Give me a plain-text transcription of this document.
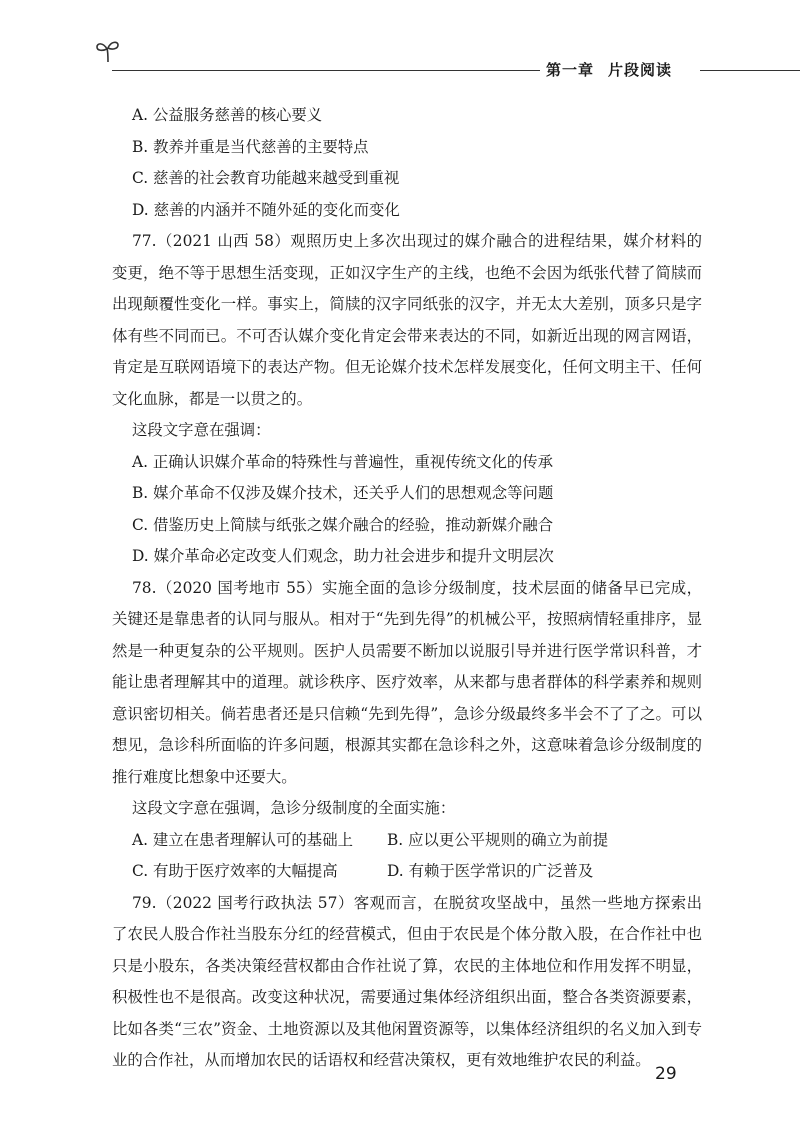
第一章 片段阅读
A. 公益服务慈善的核心要义
B. 教养并重是当代慈善的主要特点
C. 慈善的社会教育功能越来越受到重视
D. 慈善的内涵并不随外延的变化而变化

77.（2021 山西 58）观照历史上多次出现过的媒介融合的进程结果，媒介材料的变更，绝不等于思想生活变现，正如汉字生产的主线，也绝不会因为纸张代替了简牍而出现颠覆性变化一样。事实上，简牍的汉字同纸张的汉字，并无太大差别，顶多只是字体有些不同而已。不可否认媒介变化肯定会带来表达的不同，如新近出现的网言网语，肯定是互联网语境下的表达产物。但无论媒介技术怎样发展变化，任何文明主干、任何文化血脉，都是一以贯之的。

这段文字意在强调：
A. 正确认识媒介革命的特殊性与普遍性，重视传统文化的传承
B. 媒介革命不仅涉及媒介技术，还关乎人们的思想观念等问题
C. 借鉴历史上简牍与纸张之媒介融合的经验，推动新媒介融合
D. 媒介革命必定改变人们观念，助力社会进步和提升文明层次

78.（2020 国考地市 55）实施全面的急诊分级制度，技术层面的储备早已完成，关键还是靠患者的认同与服从。相对于“先到先得”的机械公平，按照病情轻重排序，显然是一种更复杂的公平规则。医护人员需要不断加以说服引导并进行医学常识科普，才能让患者理解其中的道理。就诊秩序、医疗效率，从来都与患者群体的科学素养和规则意识密切相关。倘若患者还是只信赖“先到先得”，急诊分级最终多半会不了了之。可以想见，急诊科所面临的许多问题，根源其实都在急诊科之外，这意味着急诊分级制度的推行难度比想象中还要大。

这段文字意在强调，急诊分级制度的全面实施：
A. 建立在患者理解认可的基础上	B. 应以更公平规则的确立为前提
C. 有助于医疗效率的大幅提高	D. 有赖于医学常识的广泛普及

79.（2022 国考行政执法 57）客观而言，在脱贫攻坚战中，虽然一些地方探索出了农民人股合作社当股东分红的经营模式，但由于农民是个体分散入股，在合作社中也只是小股东，各类决策经营权都由合作社说了算，农民的主体地位和作用发挥不明显，积极性也不是很高。改变这种状况，需要通过集体经济组织出面，整合各类资源要素，比如各类“三农”资金、土地资源以及其他闲置资源等，以集体经济组织的名义加入到专业的合作社，从而增加农民的话语权和经营决策权，更有效地维护农民的利益。

29
